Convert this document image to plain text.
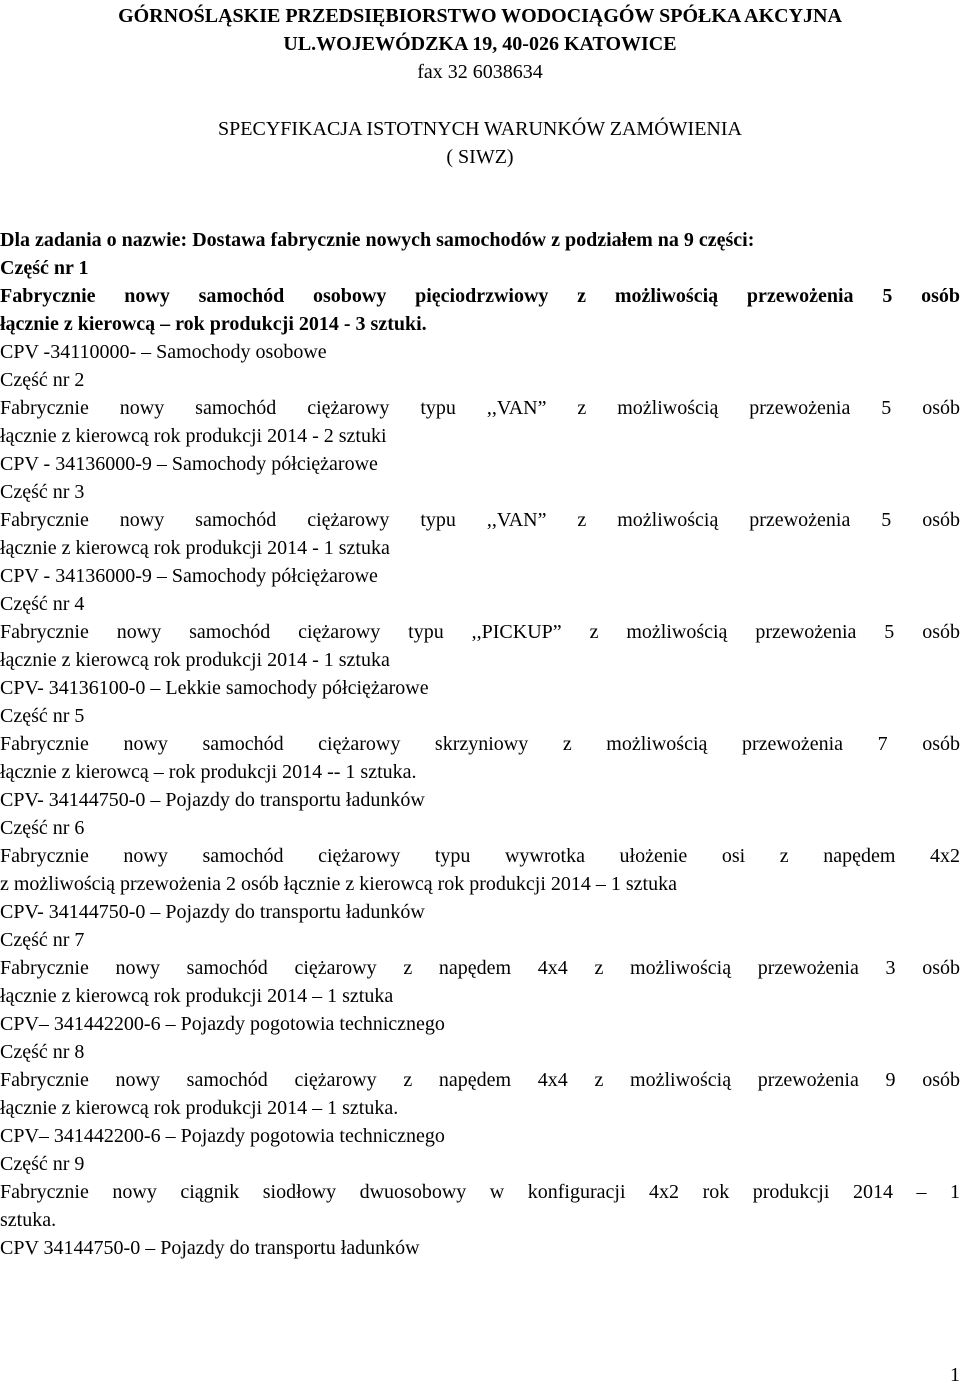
GÓRNOŚLĄSKIE PRZEDSIĘBIORSTWO WODOCIĄGÓW SPÓŁKA AKCYJNA
UL.WOJEWÓDZKA 19, 40-026 KATOWICE
fax 32 6038634
SPECYFIKACJA ISTOTNYCH WARUNKÓW ZAMÓWIENIA
( SIWZ)
Dla zadania o nazwie: Dostawa fabrycznie nowych samochodów z podziałem na 9 części:
Część nr 1
Fabrycznie nowy samochód osobowy pięciodrzwiowy z możliwością przewożenia 5 osób
łącznie z kierowcą – rok produkcji 2014 - 3 sztuki.
CPV -34110000- – Samochody osobowe
Część nr 2
Fabrycznie nowy samochód ciężarowy typu ,,VAN” z możliwością przewożenia 5 osób
łącznie z kierowcą rok produkcji 2014 - 2 sztuki
CPV - 34136000-9 – Samochody półciężarowe
Część nr 3
Fabrycznie nowy samochód ciężarowy typu ,,VAN” z możliwością przewożenia 5 osób
łącznie z kierowcą rok produkcji 2014 - 1 sztuka
CPV - 34136000-9 – Samochody półciężarowe
Część nr 4
Fabrycznie nowy samochód ciężarowy typu ,,PICKUP” z możliwością przewożenia 5 osób
łącznie z kierowcą rok produkcji 2014 - 1 sztuka
CPV- 34136100-0 – Lekkie samochody półciężarowe
Część nr 5
Fabrycznie nowy samochód ciężarowy skrzyniowy z możliwością przewożenia 7 osób
łącznie z kierowcą – rok produkcji 2014 -- 1 sztuka.
CPV- 34144750-0 – Pojazdy do transportu ładunków
Część nr 6
Fabrycznie nowy samochód ciężarowy typu wywrotka ułożenie osi z napędem 4x2
z możliwością przewożenia 2 osób łącznie z kierowcą rok produkcji 2014 – 1 sztuka
CPV- 34144750-0 – Pojazdy do transportu ładunków
Część nr 7
Fabrycznie nowy samochód ciężarowy z napędem 4x4 z możliwością przewożenia 3 osób
łącznie z kierowcą rok produkcji 2014 – 1 sztuka
CPV– 341442200-6 – Pojazdy pogotowia technicznego
Część nr 8
Fabrycznie nowy samochód ciężarowy z napędem 4x4 z możliwością przewożenia 9 osób
łącznie z kierowcą rok produkcji 2014 – 1 sztuka.
CPV– 341442200-6 – Pojazdy pogotowia technicznego
Część nr 9
Fabrycznie nowy ciągnik siodłowy dwuosobowy w konfiguracji 4x2 rok produkcji 2014 – 1
sztuka.
CPV 34144750-0 – Pojazdy do transportu ładunków
1
